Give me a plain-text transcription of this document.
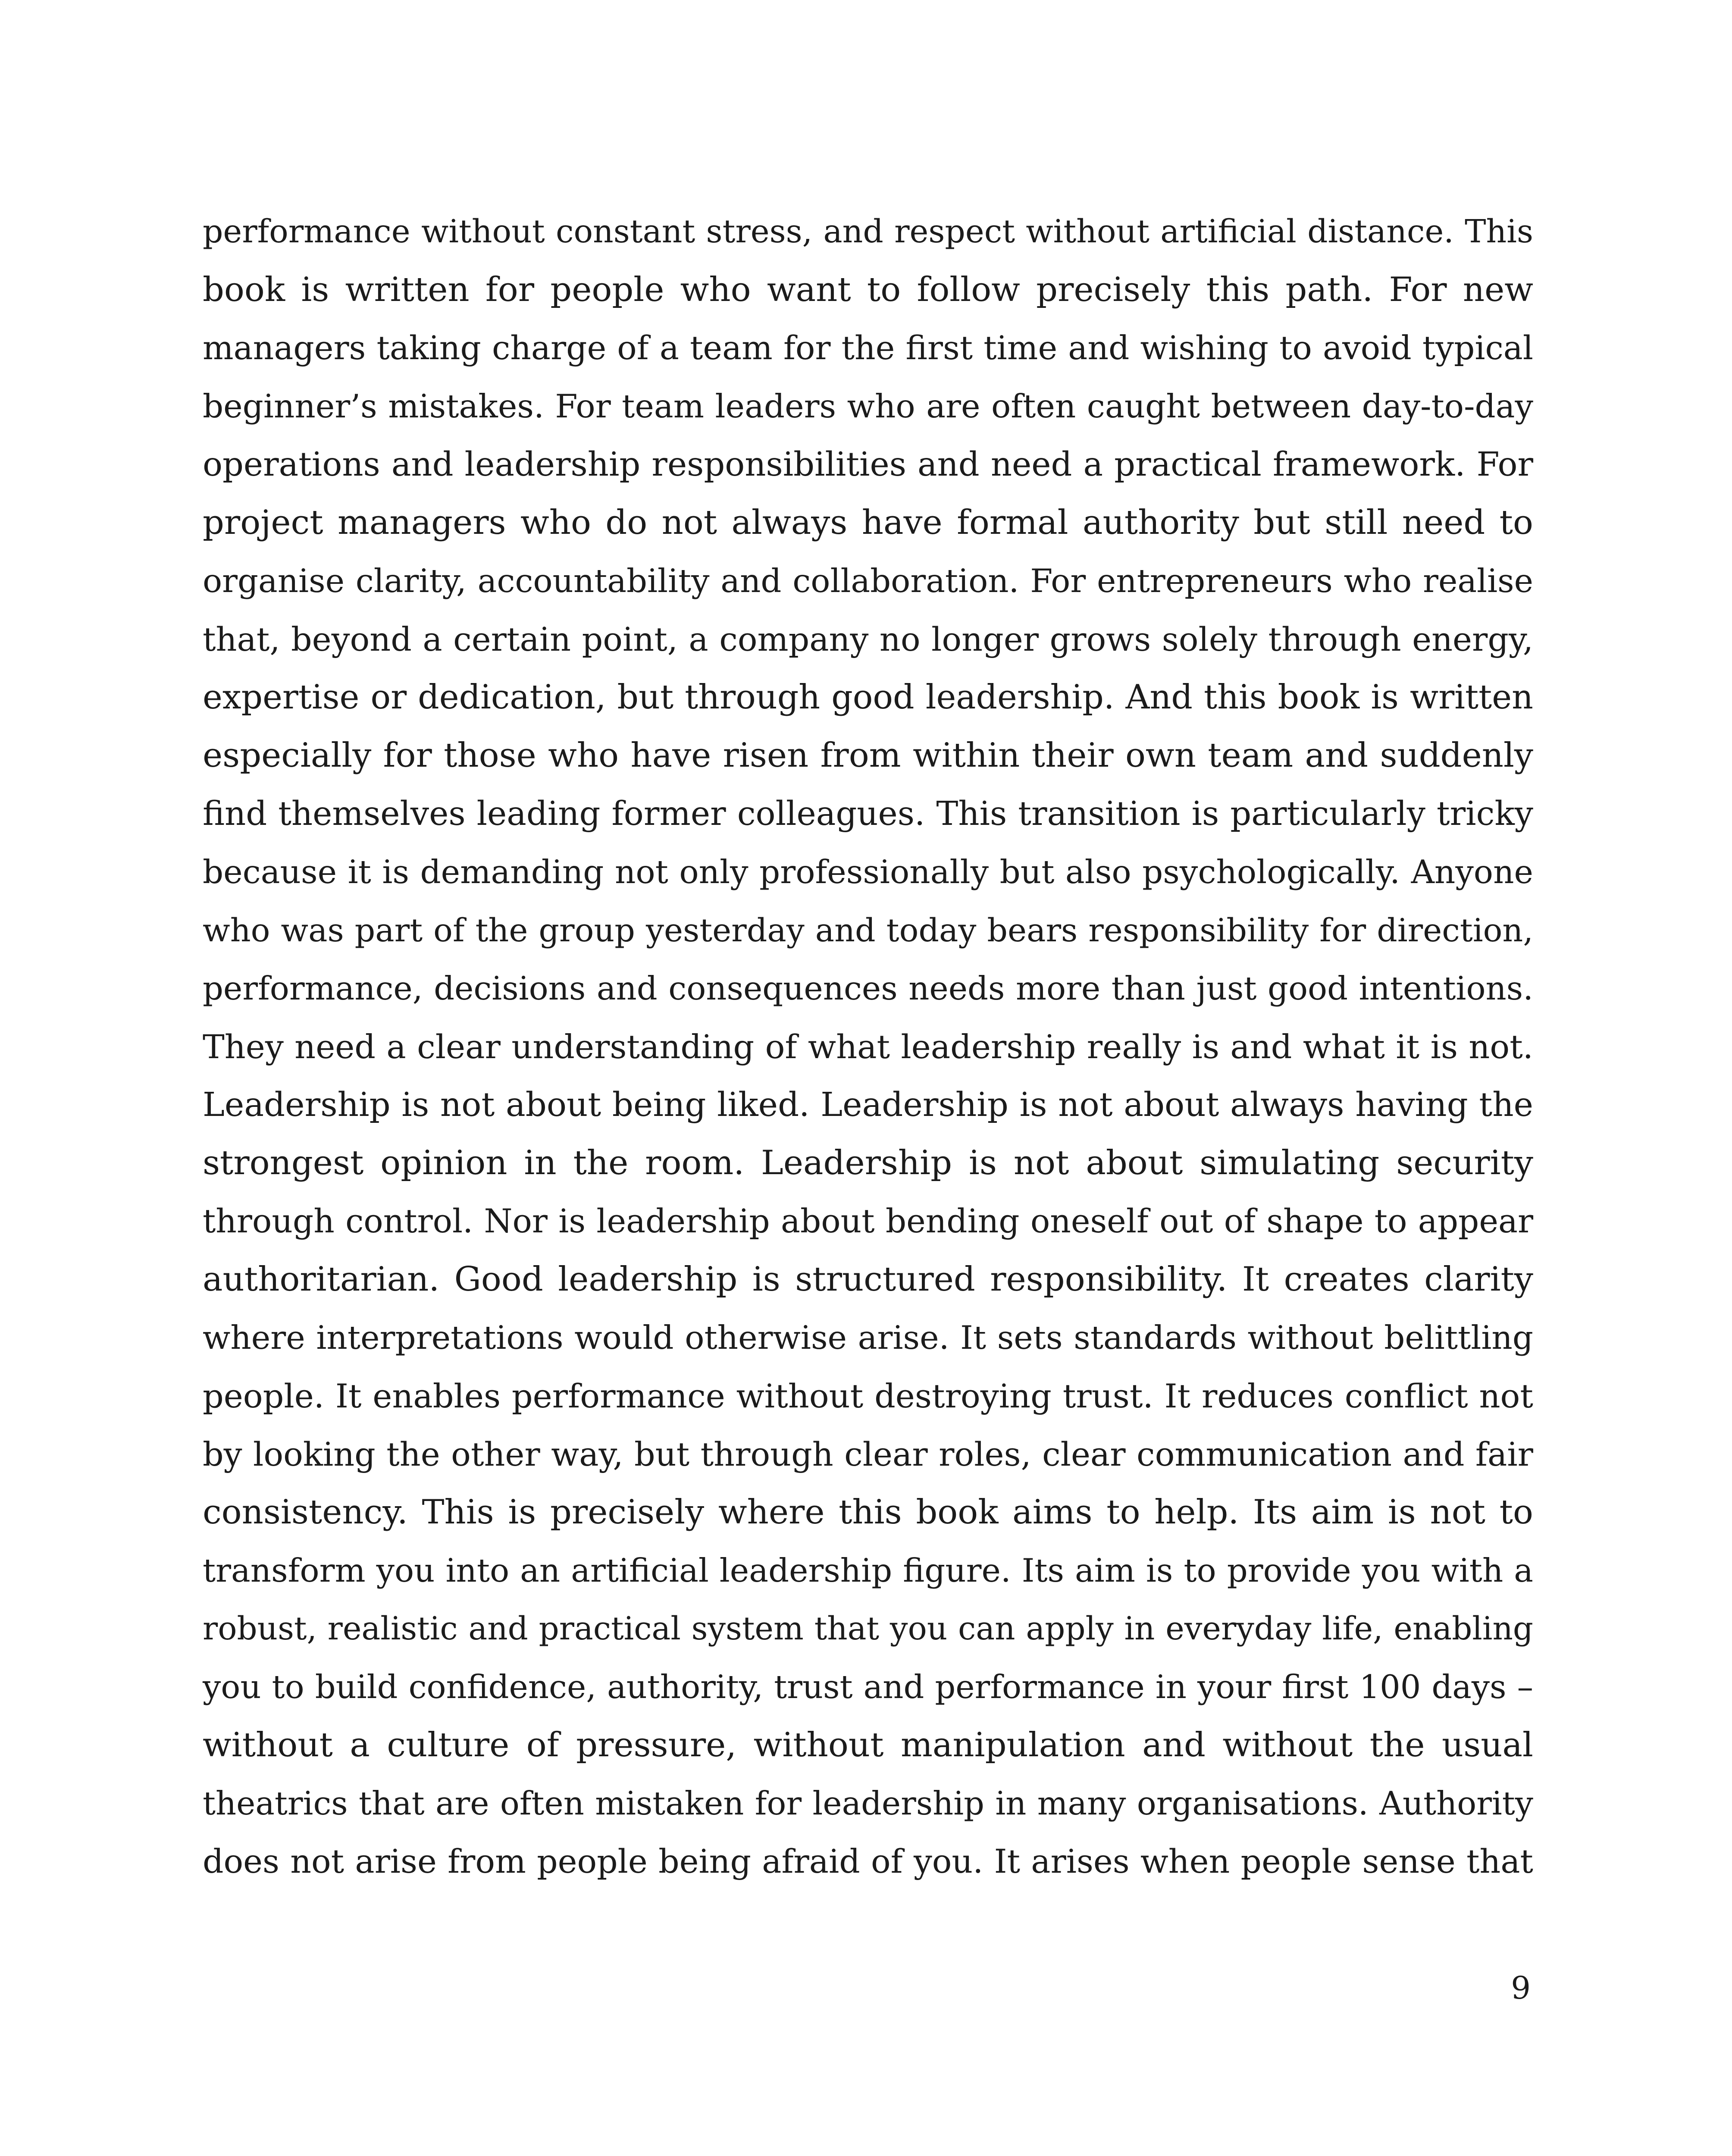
performance without constant stress, and respect without artificial distance. This
book is written for people who want to follow precisely this path. For new
managers taking charge of a team for the first time and wishing to avoid typical
beginner’s mistakes. For team leaders who are often caught between day-to-day
operations and leadership responsibilities and need a practical framework. For
project managers who do not always have formal authority but still need to
organise clarity, accountability and collaboration. For entrepreneurs who realise
that, beyond a certain point, a company no longer grows solely through energy,
expertise or dedication, but through good leadership. And this book is written
especially for those who have risen from within their own team and suddenly
find themselves leading former colleagues. This transition is particularly tricky
because it is demanding not only professionally but also psychologically. Anyone
who was part of the group yesterday and today bears responsibility for direction,
performance, decisions and consequences needs more than just good intentions.
They need a clear understanding of what leadership really is and what it is not.
Leadership is not about being liked. Leadership is not about always having the
strongest opinion in the room. Leadership is not about simulating security
through control. Nor is leadership about bending oneself out of shape to appear
authoritarian. Good leadership is structured responsibility. It creates clarity
where interpretations would otherwise arise. It sets standards without belittling
people. It enables performance without destroying trust. It reduces conflict not
by looking the other way, but through clear roles, clear communication and fair
consistency. This is precisely where this book aims to help. Its aim is not to
transform you into an artificial leadership figure. Its aim is to provide you with a
robust, realistic and practical system that you can apply in everyday life, enabling
you to build confidence, authority, trust and performance in your first 100 days –
without a culture of pressure, without manipulation and without the usual
theatrics that are often mistaken for leadership in many organisations. Authority
does not arise from people being afraid of you. It arises when people sense that
9
